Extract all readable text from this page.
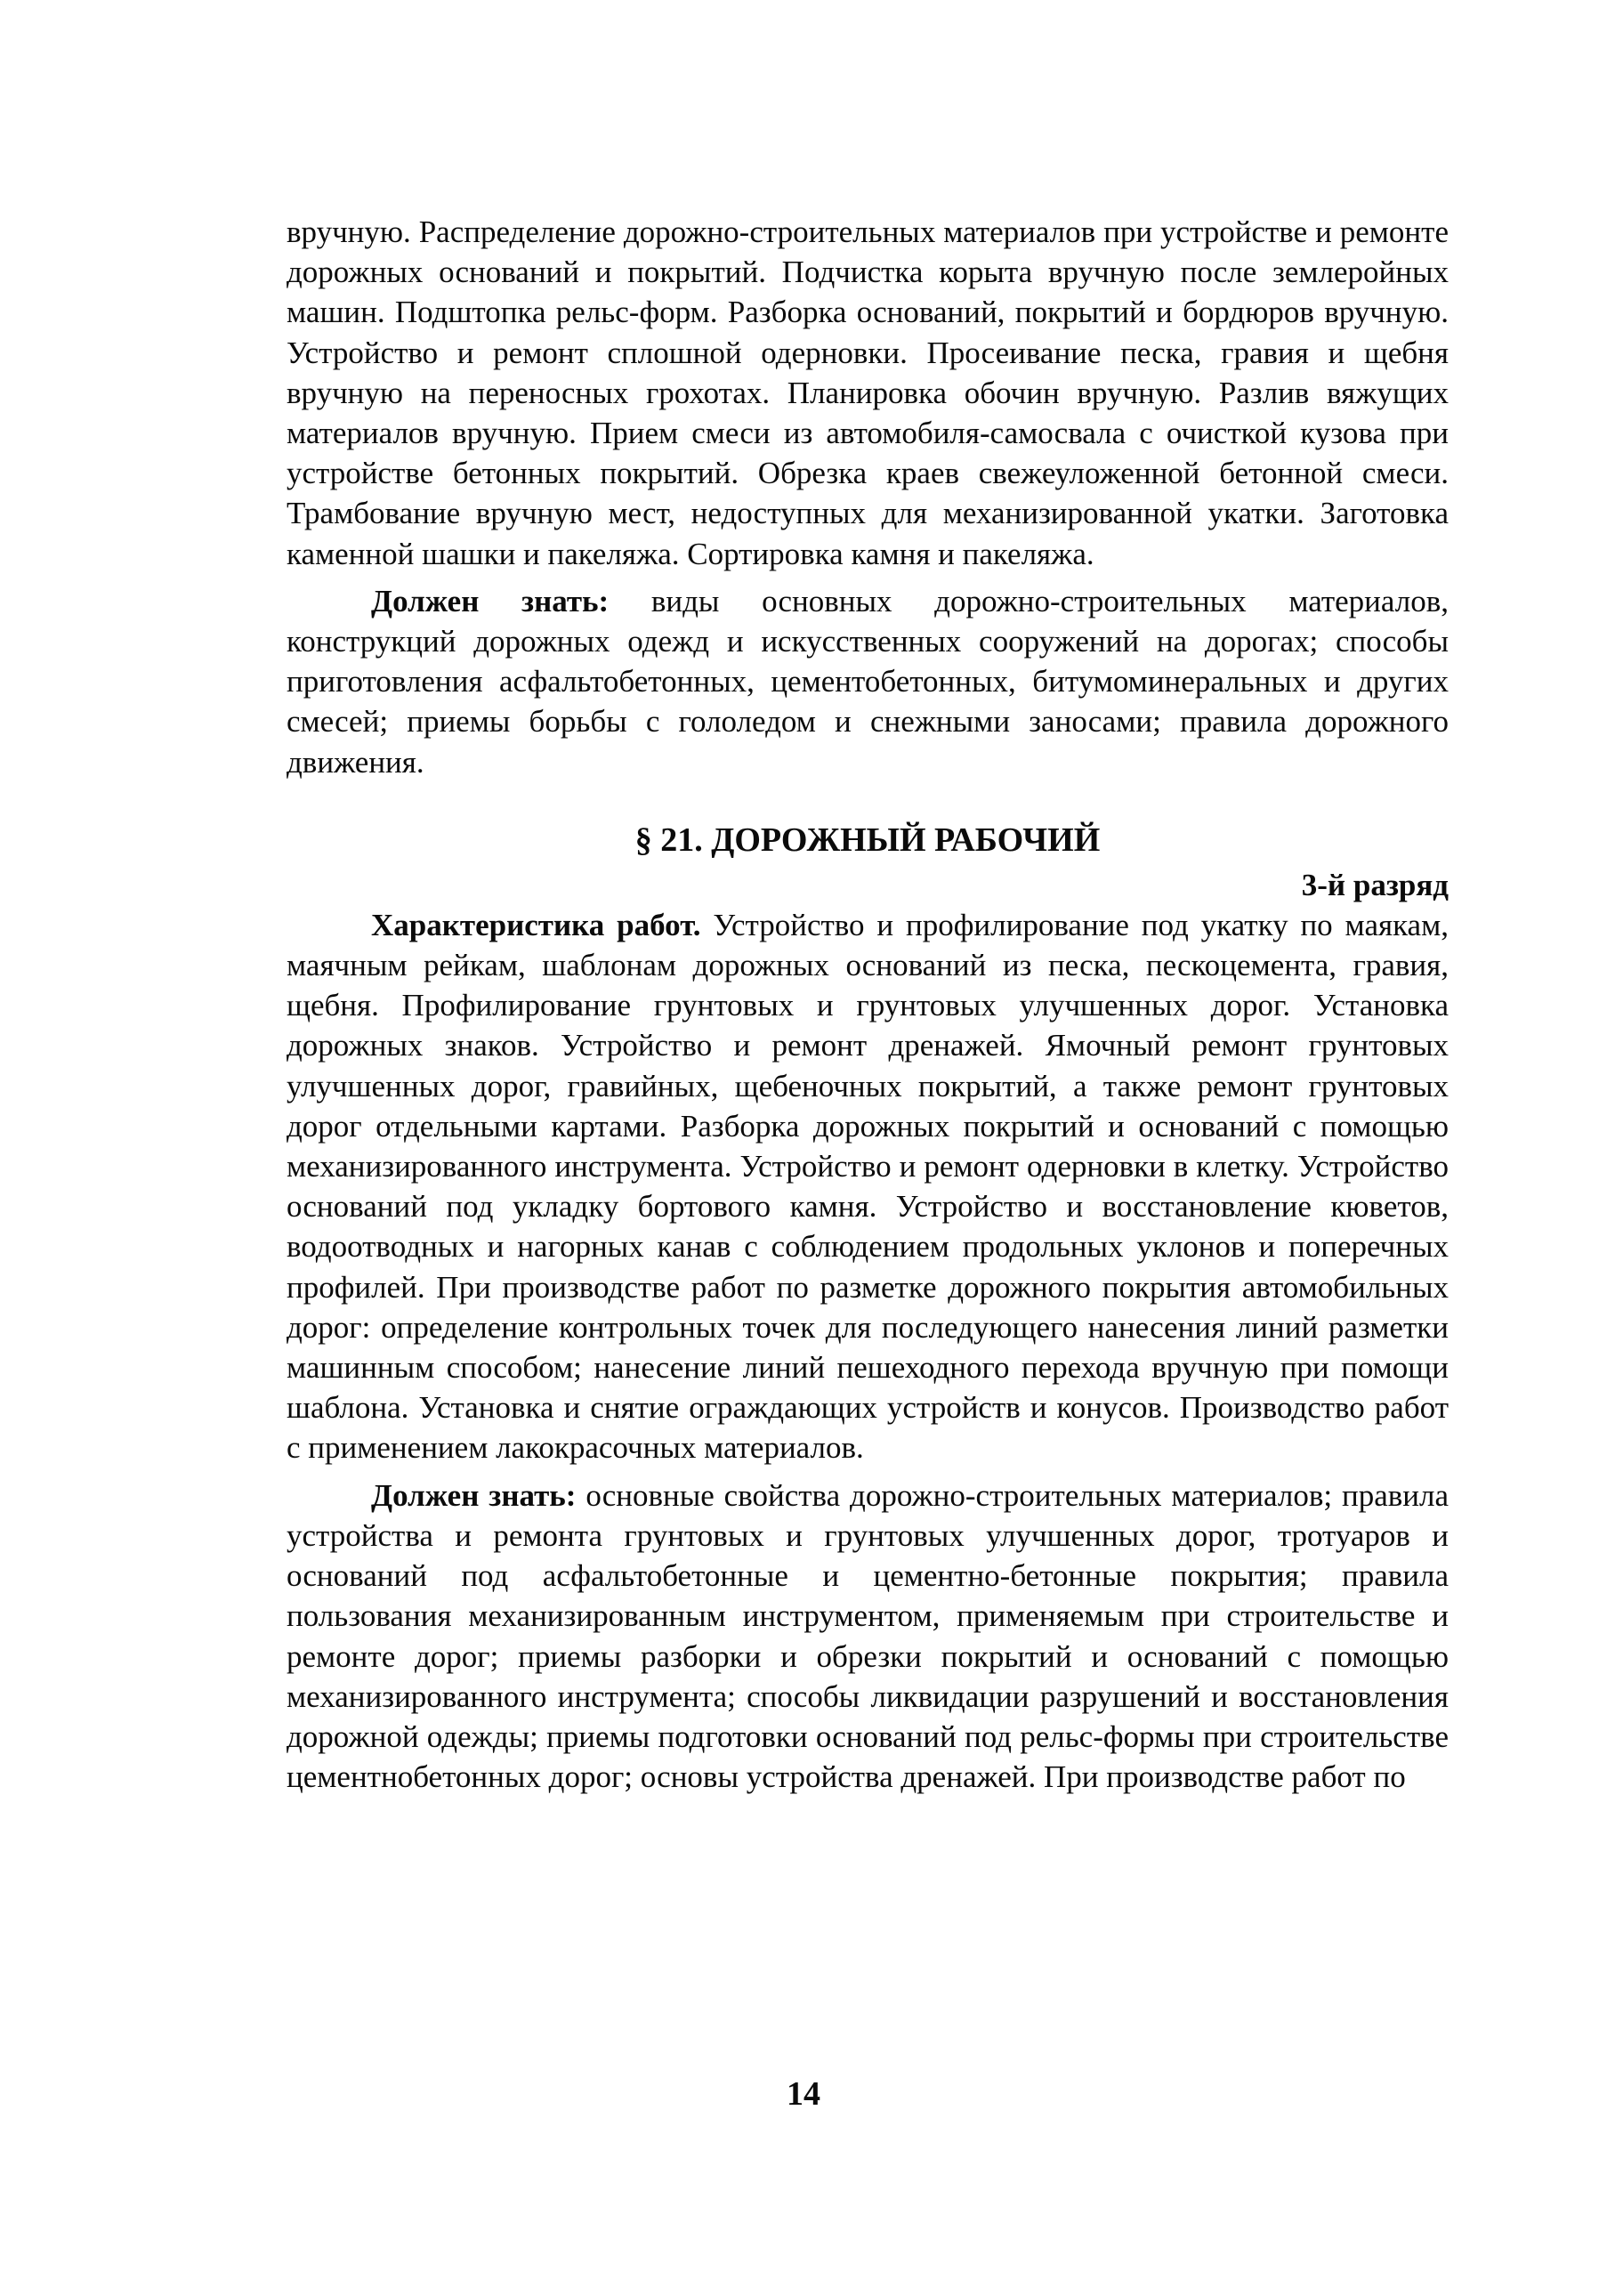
вручную. Распределение дорожно-строительных материалов при устройстве и ремонте дорожных оснований и покрытий. Подчистка корыта вручную после землеройных машин. Подштопка рельс-форм. Разборка оснований, покрытий и бордюров вручную. Устройство и ремонт сплошной одерновки. Просеивание песка, гравия и щебня вручную на переносных грохотах. Планировка обочин вручную. Разлив вяжущих материалов вручную. Прием смеси из автомобиля-самосвала с очисткой кузова при устройстве бетонных покрытий. Обрезка краев свежеуложенной бетонной смеси. Трамбование вручную мест, недоступных для механизированной укатки. Заготовка каменной шашки и пакеляжа. Сортировка камня и пакеляжа.

Должен знать: виды основных дорожно-строительных материалов, конструкций дорожных одежд и искусственных сооружений на дорогах; способы приготовления асфальтобетонных, цементобетонных, битумоминеральных и других смесей; приемы борьбы с гололедом и снежными заносами; правила дорожного движения.

§ 21. ДОРОЖНЫЙ РАБОЧИЙ
3-й разряд

Характеристика работ. Устройство и профилирование под укатку по маякам, маячным рейкам, шаблонам дорожных оснований из песка, пескоцемента, гравия, щебня. Профилирование грунтовых и грунтовых улучшенных дорог. Установка дорожных знаков. Устройство и ремонт дренажей. Ямочный ремонт грунтовых улучшенных дорог, гравийных, щебеночных покрытий, а также ремонт грунтовых дорог отдельными картами. Разборка дорожных покрытий и оснований с помощью механизированного инструмента. Устройство и ремонт одерновки в клетку. Устройство оснований под укладку бортового камня. Устройство и восстановление кюветов, водоотводных и нагорных канав с соблюдением продольных уклонов и поперечных профилей. При производстве работ по разметке дорожного покрытия автомобильных дорог: определение контрольных точек для последующего нанесения линий разметки машинным способом; нанесение линий пешеходного перехода вручную при помощи шаблона. Установка и снятие ограждающих устройств и конусов. Производство работ с применением лакокрасочных материалов.

Должен знать: основные свойства дорожно-строительных материалов; правила устройства и ремонта грунтовых и грунтовых улучшенных дорог, тротуаров и оснований под асфальтобетонные и цементно-бетонные покрытия; правила пользования механизированным инструментом, применяемым при строительстве и ремонте дорог; приемы разборки и обрезки покрытий и оснований с помощью механизированного инструмента; способы ликвидации разрушений и восстановления дорожной одежды; приемы подготовки оснований под рельс-формы при строительстве цементнобетонных дорог; основы устройства дренажей. При производстве работ по

14
